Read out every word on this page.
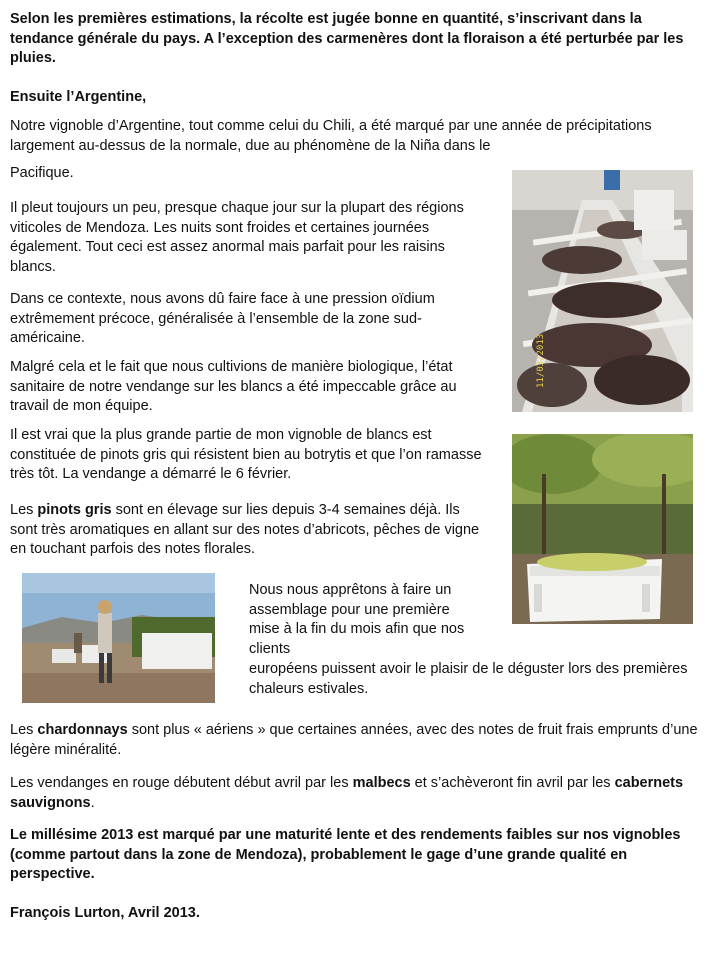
Selon les premières estimations, la récolte est jugée bonne en quantité, s’inscrivant dans la tendance générale du pays. A l’exception des carmenères dont la floraison a été perturbée par les pluies.

Ensuite l’Argentine,

Notre vignoble d’Argentine, tout comme celui du Chili, a été marqué par une année de précipitations largement au-dessus de la normale, due au phénomène de la Niña dans le

Pacifique.

Il pleut toujours un peu, presque chaque jour sur la plupart des régions viticoles de Mendoza. Les nuits sont froides et certaines journées également. Tout ceci est assez anormal mais parfait pour les raisins blancs.

Dans ce contexte, nous avons dû faire face à une pression oïdium extrêmement précoce, généralisée à l’ensemble de la zone sud-américaine.

Malgré cela et le fait que nous cultivions de manière biologique, l’état sanitaire de notre vendange sur les blancs a été impeccable grâce au travail de mon équipe.

Il est vrai que la plus grande partie de mon vignoble de blancs est constituée de pinots gris qui résistent bien au botrytis et que l’on ramasse très tôt. La vendange a démarré le 6 février.

Les pinots gris sont en élevage sur lies depuis 3-4 semaines déjà. Ils sont très aromatiques en allant sur des notes d’abricots, pêches de vigne en touchant parfois des notes florales.

Nous nous apprêtons à faire un assemblage pour une première mise à la fin du mois afin que nos clients

européens puissent avoir le plaisir de le déguster lors des premières chaleurs estivales.

Les chardonnays sont plus « aériens » que certaines années, avec des notes de fruit frais emprunts d’une légère minéralité.

Les vendanges en rouge débutent début avril par les malbecs et s’achèveront fin avril par les cabernets sauvignons.

Le millésime 2013 est marqué par une maturité lente et des rendements faibles sur nos vignobles (comme partout dans la zone de Mendoza), probablement le gage d’une grande qualité en perspective.

François Lurton, Avril 2013.

11/03/2013
